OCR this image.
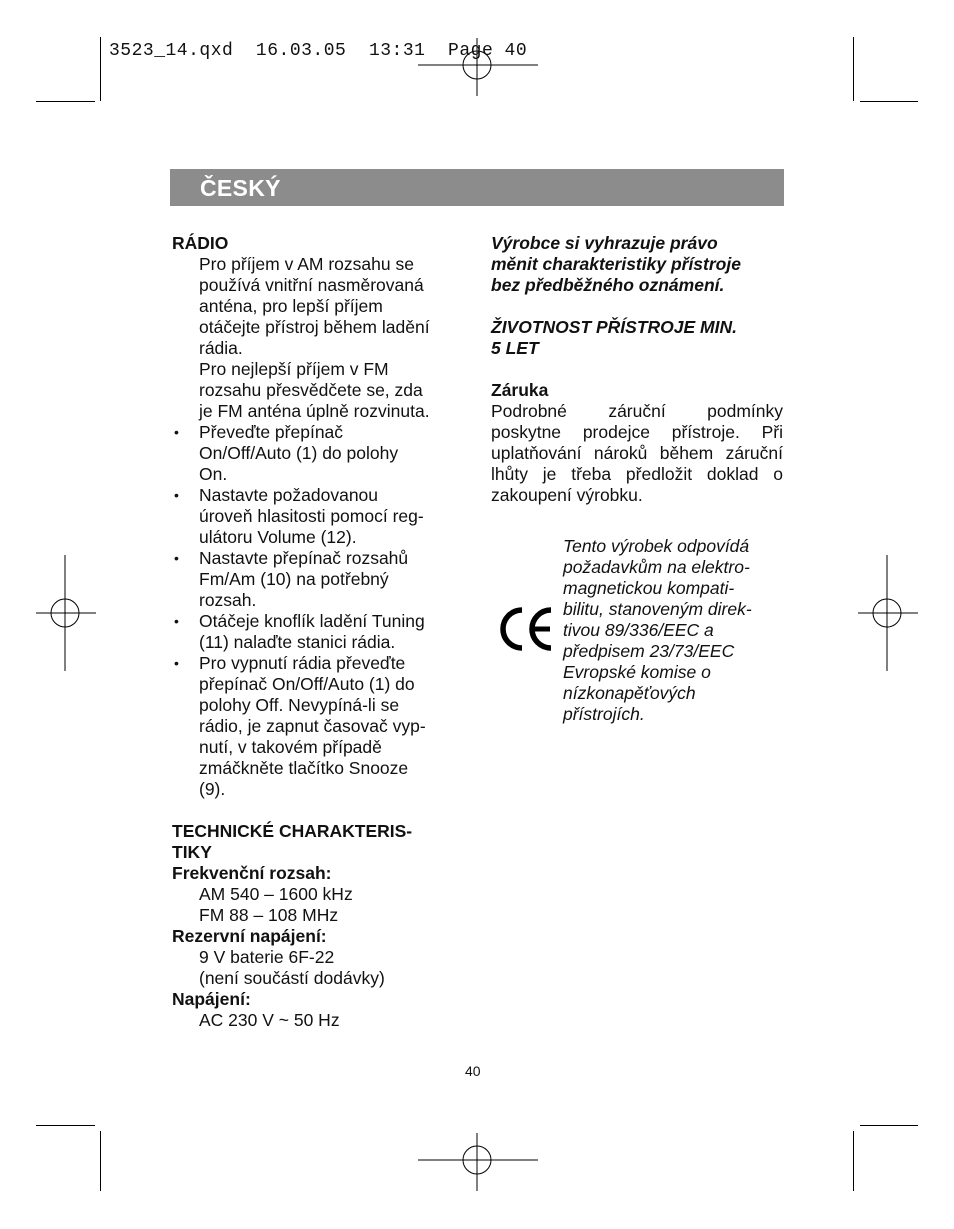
3523_14.qxd  16.03.05  13:31  Page 40
ČESKÝ
RÁDIO
Pro příjem v AM rozsahu se
používá vnitřní nasměrovaná
anténa, pro lepší příjem
otáčejte přístroj během ladění
rádia.
Pro nejlepší příjem v FM
rozsahu přesvědčete se, zda
je FM anténa úplně rozvinuta.
• Převeďte přepínač
On/Off/Auto (1) do polohy
On.
• Nastavte požadovanou
úroveň hlasitosti pomocí reg-
ulátoru Volume (12).
• Nastavte přepínač rozsahů
Fm/Am (10) na potřebný
rozsah.
• Otáčeje knoflík ladění Tuning
(11) nalaďte stanici rádia.
• Pro vypnutí rádia převeďte
přepínač On/Off/Auto (1) do
polohy Off. Nevypíná-li se
rádio, je zapnut časovač vyp-
nutí, v takovém případě
zmáčkněte tlačítko Snooze
(9).
TECHNICKÉ CHARAKTERIS-
TIKY
Frekvenční rozsah:
AM 540 – 1600 kHz
FM 88 – 108 MHz
Rezervní napájení:
9 V baterie 6F-22
(není součástí dodávky)
Napájení:
AC 230 V ~ 50 Hz
Výrobce si vyhrazuje právo
měnit charakteristiky přístroje
bez předběžného oznámení.
ŽIVOTNOST PŘÍSTROJE MIN.
5 LET
Záruka
Podrobné záruční podmínky poskytne prodejce přístroje. Při uplatňování nároků během záruční lhůty je třeba předložit doklad o zakoupení výrobku.
Tento výrobek odpovídá
požadavkům na elektro-
magnetickou kompati-
bilitu, stanoveným direk-
tivou 89/336/EEC a
předpisem 23/73/EEC
Evropské komise o
nízkonapěťových
přístrojích.
40
